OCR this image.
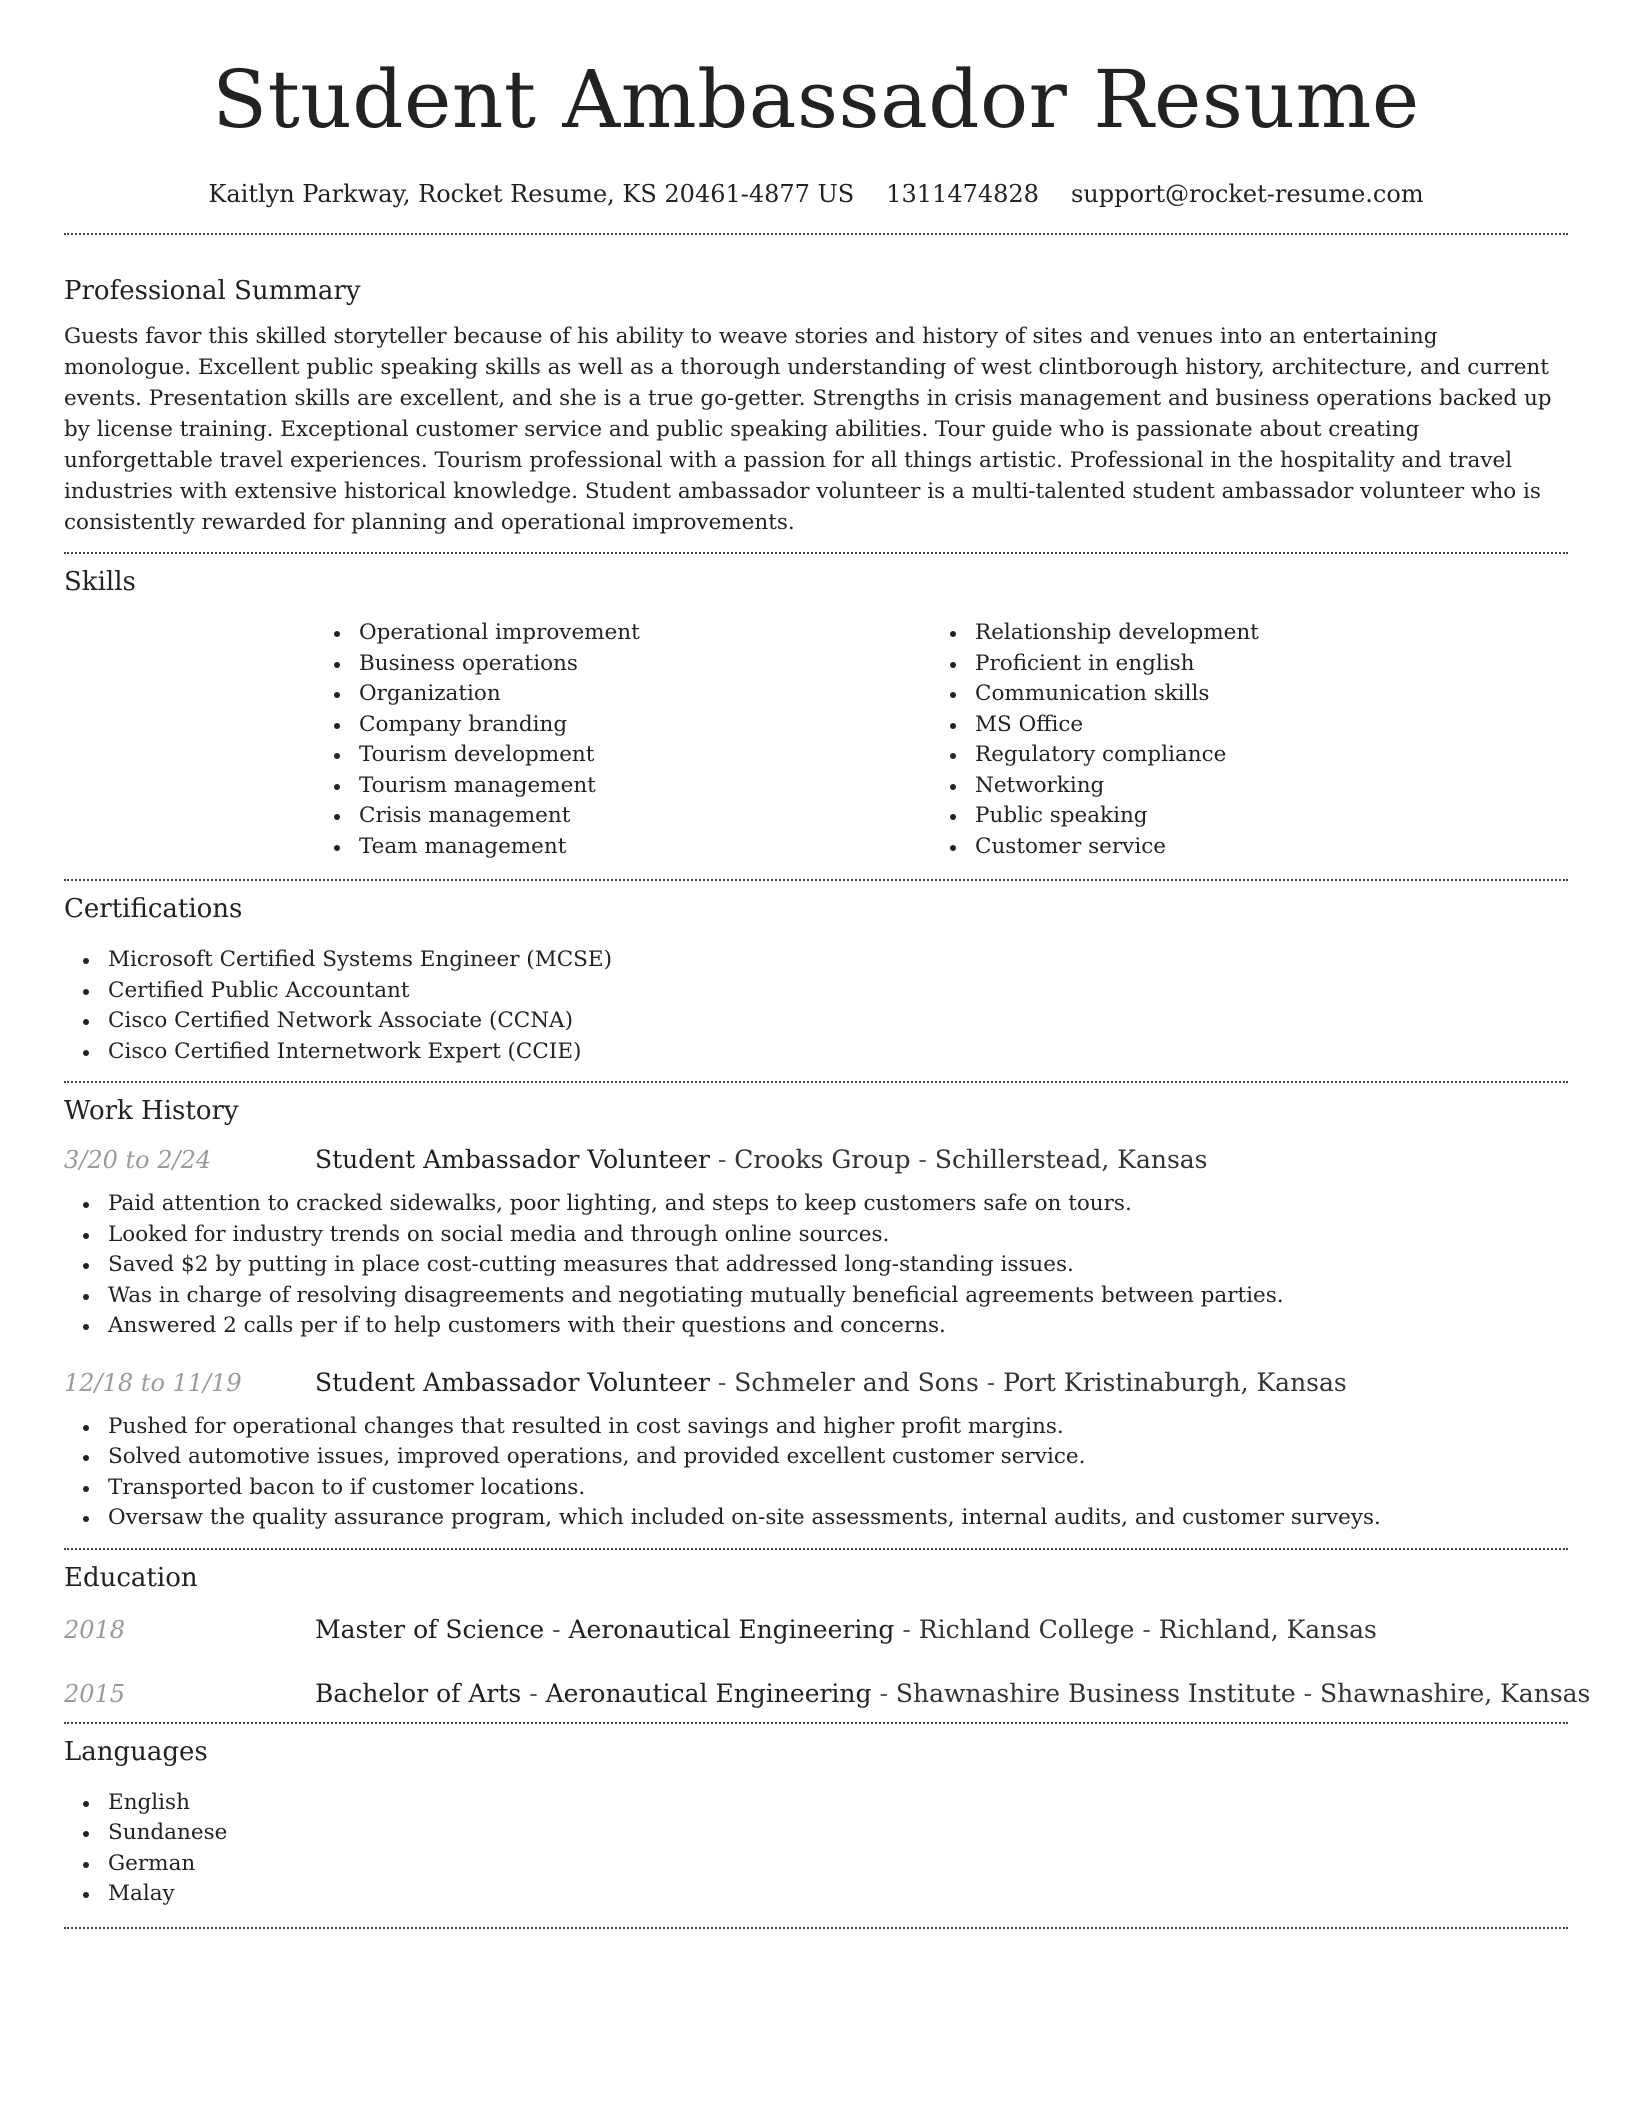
Student Ambassador Resume
Kaitlyn Parkway, Rocket Resume, KS 20461-4877 US 1311474828 support@rocket-resume.com
Professional Summary

Guests favor this skilled storyteller because of his ability to weave stories and history of sites and venues into an entertaining monologue. Excellent public speaking skills as well as a thorough understanding of west clintborough history, architecture, and current events. Presentation skills are excellent, and she is a true go-getter. Strengths in crisis management and business operations backed up by license training. Exceptional customer service and public speaking abilities. Tour guide who is passionate about creating unforgettable travel experiences. Tourism professional with a passion for all things artistic. Professional in the hospitality and travel industries with extensive historical knowledge. Student ambassador volunteer is a multi-talented student ambassador volunteer who is consistently rewarded for planning and operational improvements.

Skills
Operational improvement
Business operations
Organization
Company branding
Tourism development
Tourism management
Crisis management
Team management
Relationship development
Proficient in english
Communication skills
MS Office
Regulatory compliance
Networking
Public speaking
Customer service
Certifications
Microsoft Certified Systems Engineer (MCSE)
Certified Public Accountant
Cisco Certified Network Associate (CCNA)
Cisco Certified Internetwork Expert (CCIE)
Work History
3/20 to 2/24	Student Ambassador Volunteer - Crooks Group - Schillerstead, Kansas
Paid attention to cracked sidewalks, poor lighting, and steps to keep customers safe on tours.
Looked for industry trends on social media and through online sources.
Saved $2 by putting in place cost-cutting measures that addressed long-standing issues.
Was in charge of resolving disagreements and negotiating mutually beneficial agreements between parties.
Answered 2 calls per if to help customers with their questions and concerns.
12/18 to 11/19	Student Ambassador Volunteer - Schmeler and Sons - Port Kristinaburgh, Kansas
Pushed for operational changes that resulted in cost savings and higher profit margins.
Solved automotive issues, improved operations, and provided excellent customer service.
Transported bacon to if customer locations.
Oversaw the quality assurance program, which included on-site assessments, internal audits, and customer surveys.
Education
2018	Master of Science - Aeronautical Engineering - Richland College - Richland, Kansas
2015	Bachelor of Arts - Aeronautical Engineering - Shawnashire Business Institute - Shawnashire, Kansas
Languages
English
Sundanese
German
Malay
